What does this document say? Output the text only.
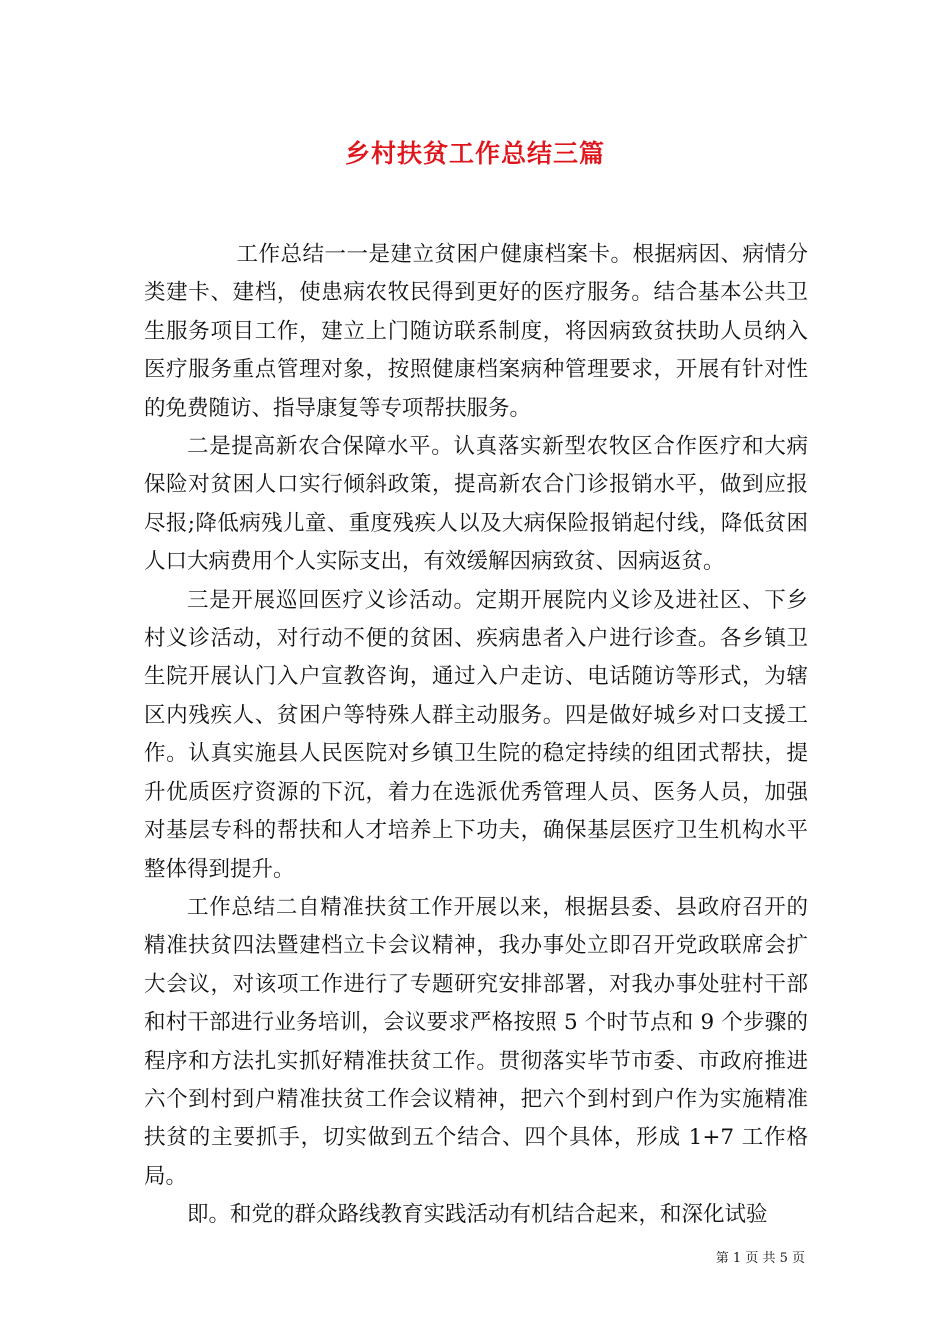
乡村扶贫工作总结三篇

工作总结一一是建立贫困户健康档案卡。根据病因、病情分类建卡、建档，使患病农牧民得到更好的医疗服务。结合基本公共卫生服务项目工作，建立上门随访联系制度，将因病致贫扶助人员纳入医疗服务重点管理对象，按照健康档案病种管理要求，开展有针对性的免费随访、指导康复等专项帮扶服务。

二是提高新农合保障水平。认真落实新型农牧区合作医疗和大病保险对贫困人口实行倾斜政策，提高新农合门诊报销水平，做到应报尽报;降低病残儿童、重度残疾人以及大病保险报销起付线，降低贫困人口大病费用个人实际支出，有效缓解因病致贫、因病返贫。

三是开展巡回医疗义诊活动。定期开展院内义诊及进社区、下乡村义诊活动，对行动不便的贫困、疾病患者入户进行诊查。各乡镇卫生院开展认门入户宣教咨询，通过入户走访、电话随访等形式，为辖区内残疾人、贫困户等特殊人群主动服务。四是做好城乡对口支援工作。认真实施县人民医院对乡镇卫生院的稳定持续的组团式帮扶，提升优质医疗资源的下沉，着力在选派优秀管理人员、医务人员，加强对基层专科的帮扶和人才培养上下功夫，确保基层医疗卫生机构水平整体得到提升。

工作总结二自精准扶贫工作开展以来，根据县委、县政府召开的精准扶贫四法暨建档立卡会议精神，我办事处立即召开党政联席会扩大会议，对该项工作进行了专题研究安排部署，对我办事处驻村干部和村干部进行业务培训，会议要求严格按照 5 个时节点和 9 个步骤的程序和方法扎实抓好精准扶贫工作。贯彻落实毕节市委、市政府推进六个到村到户精准扶贫工作会议精神，把六个到村到户作为实施精准扶贫的主要抓手，切实做到五个结合、四个具体，形成 1+7 工作格局。

即。和党的群众路线教育实践活动有机结合起来，和深化试验

第 1 页 共 5 页
